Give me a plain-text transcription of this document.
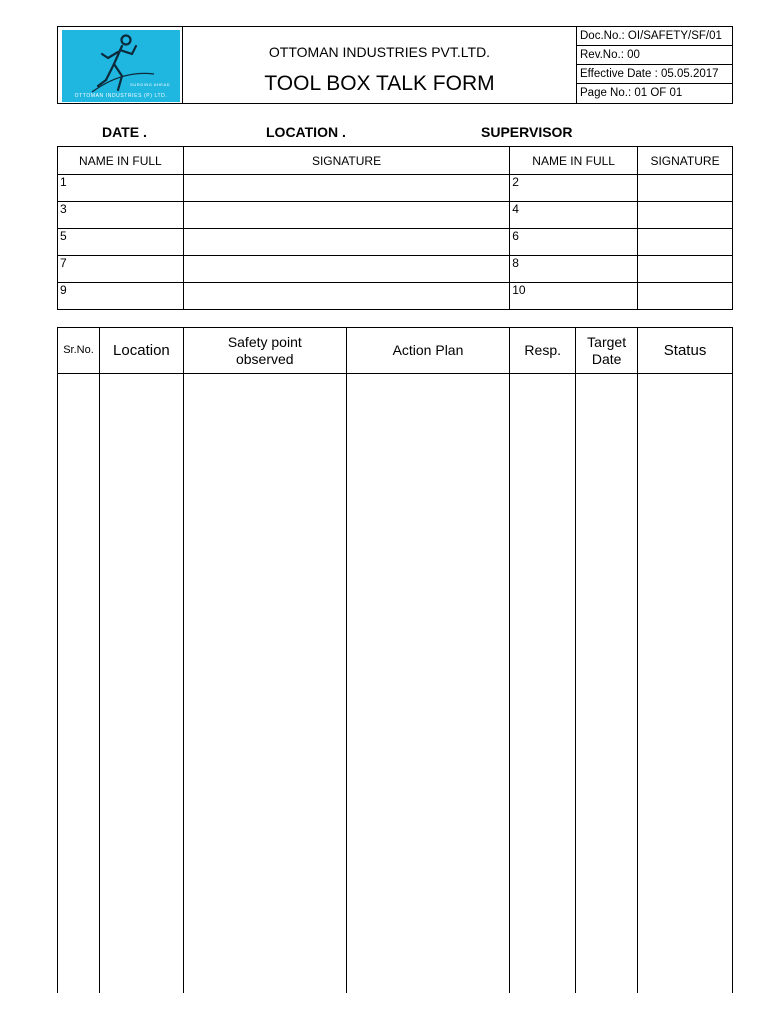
SURGING AHEAD
OTTOMAN INDUSTRIES (P) LTD.
OTTOMAN INDUSTRIES PVT.LTD.
TOOL BOX TALK FORM
Doc.No.: OI/SAFETY/SF/01
Rev.No.: 00
Effective Date : 05.05.2017
Page No.: 01 OF 01
DATE .	LOCATION .	SUPERVISOR
NAME IN FULL	SIGNATURE	NAME IN FULL	SIGNATURE
1		2	
3		4	
5		6	
7		8	
9		10	
Sr.No.	Location	Safety point observed	Action Plan	Resp.	Target Date	Status
